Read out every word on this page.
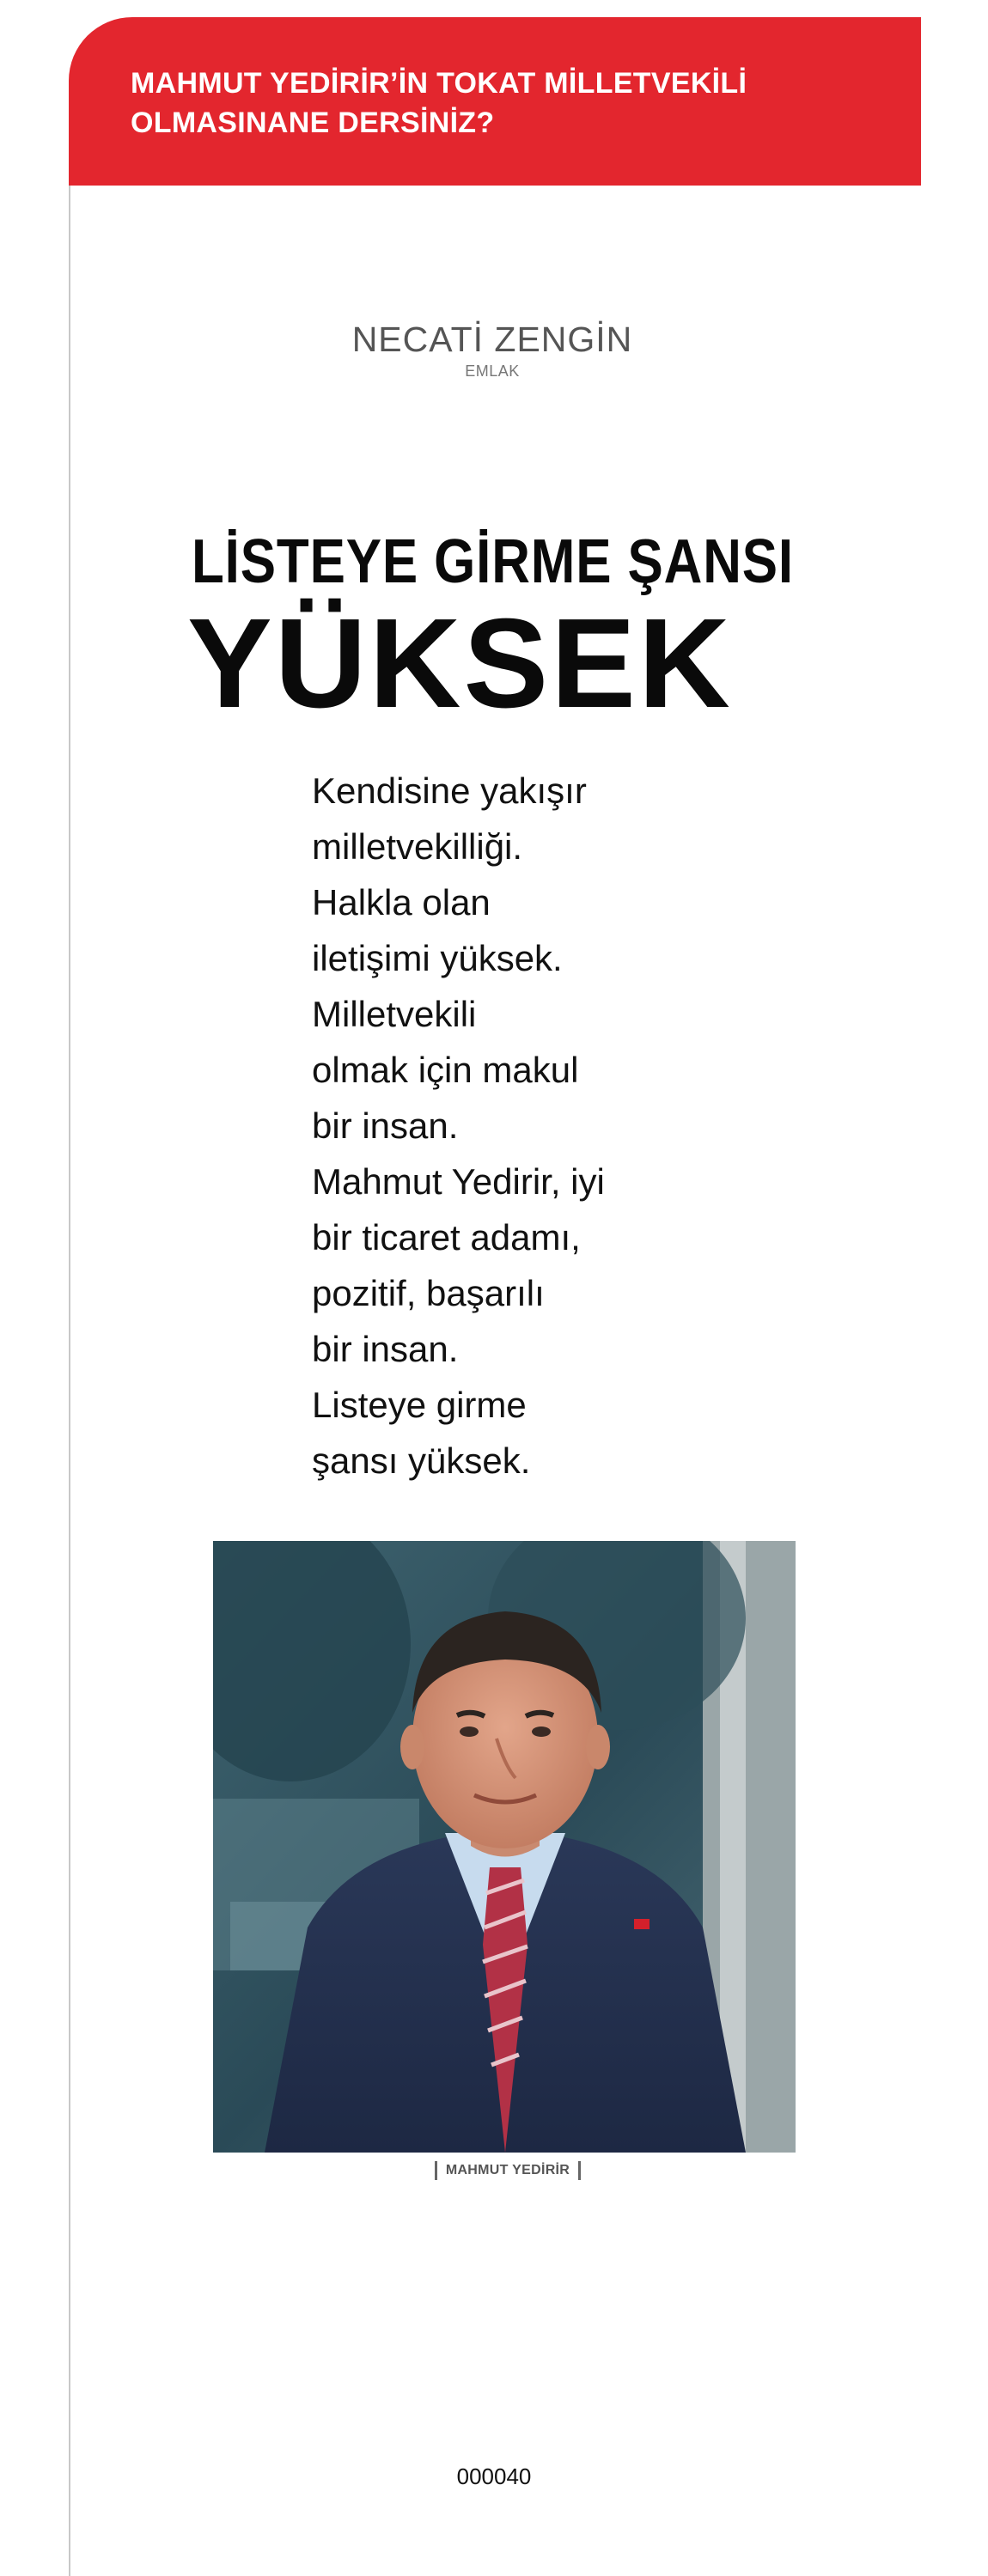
MAHMUT YEDİRİR’İN TOKAT MİLLETVEKİLİ
OLMASINANE DERSİNİZ?
NECATİ ZENGİN
EMLAK
LİSTEYE GİRME ŞANSI
YÜKSEK
Kendisine yakışır
milletvekilliği.
Halkla olan
iletişimi yüksek.
Milletvekili
olmak için makul
bir insan.
Mahmut Yedirir, iyi
bir ticaret adamı,
pozitif, başarılı
bir insan.
Listeye girme
şansı yüksek.
MAHMUT YEDİRİR
000040
